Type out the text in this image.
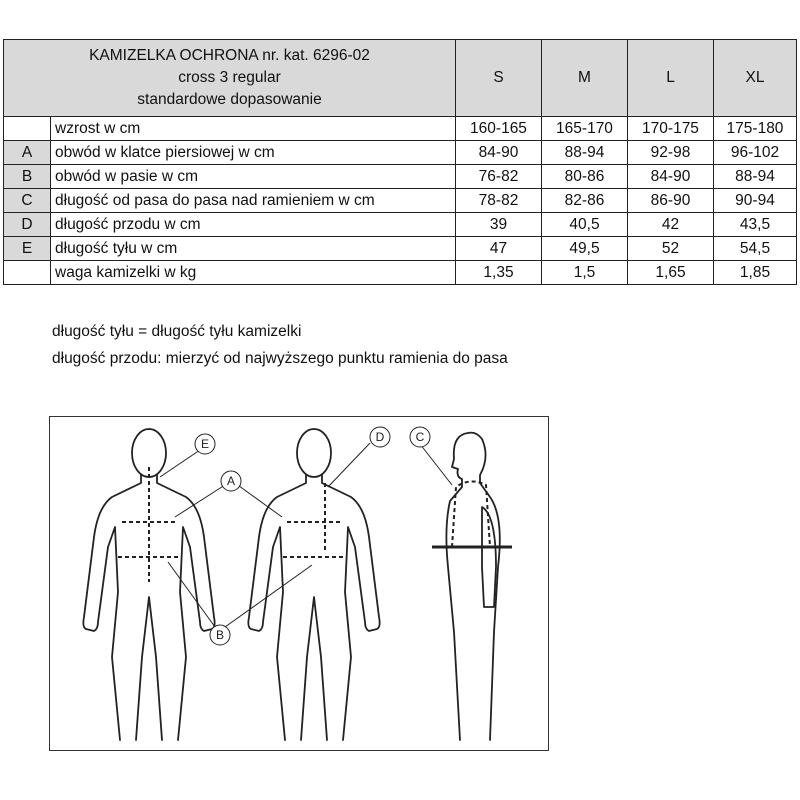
KAMIZELKA OCHRONA nr. kat. 6296-02
cross 3 regular
standardowe dopasowanie		S	M	L	XL
	wzrost w cm	160-165	165-170	170-175	175-180
A	obwód w klatce piersiowej w cm	84-90	88-94	92-98	96-102
B	obwód w pasie w cm	76-82	80-86	84-90	88-94
C	długość od pasa do pasa nad ramieniem w cm	78-82	82-86	86-90	90-94
D	długość przodu w cm	39	40,5	42	43,5
E	długość tyłu w cm	47	49,5	52	54,5
	waga kamizelki w kg	1,35	1,5	1,65	1,85
długość tyłu = długość tyłu kamizelki
długość przodu: mierzyć od najwyższego punktu ramienia do pasa
E
A
D	C
B
